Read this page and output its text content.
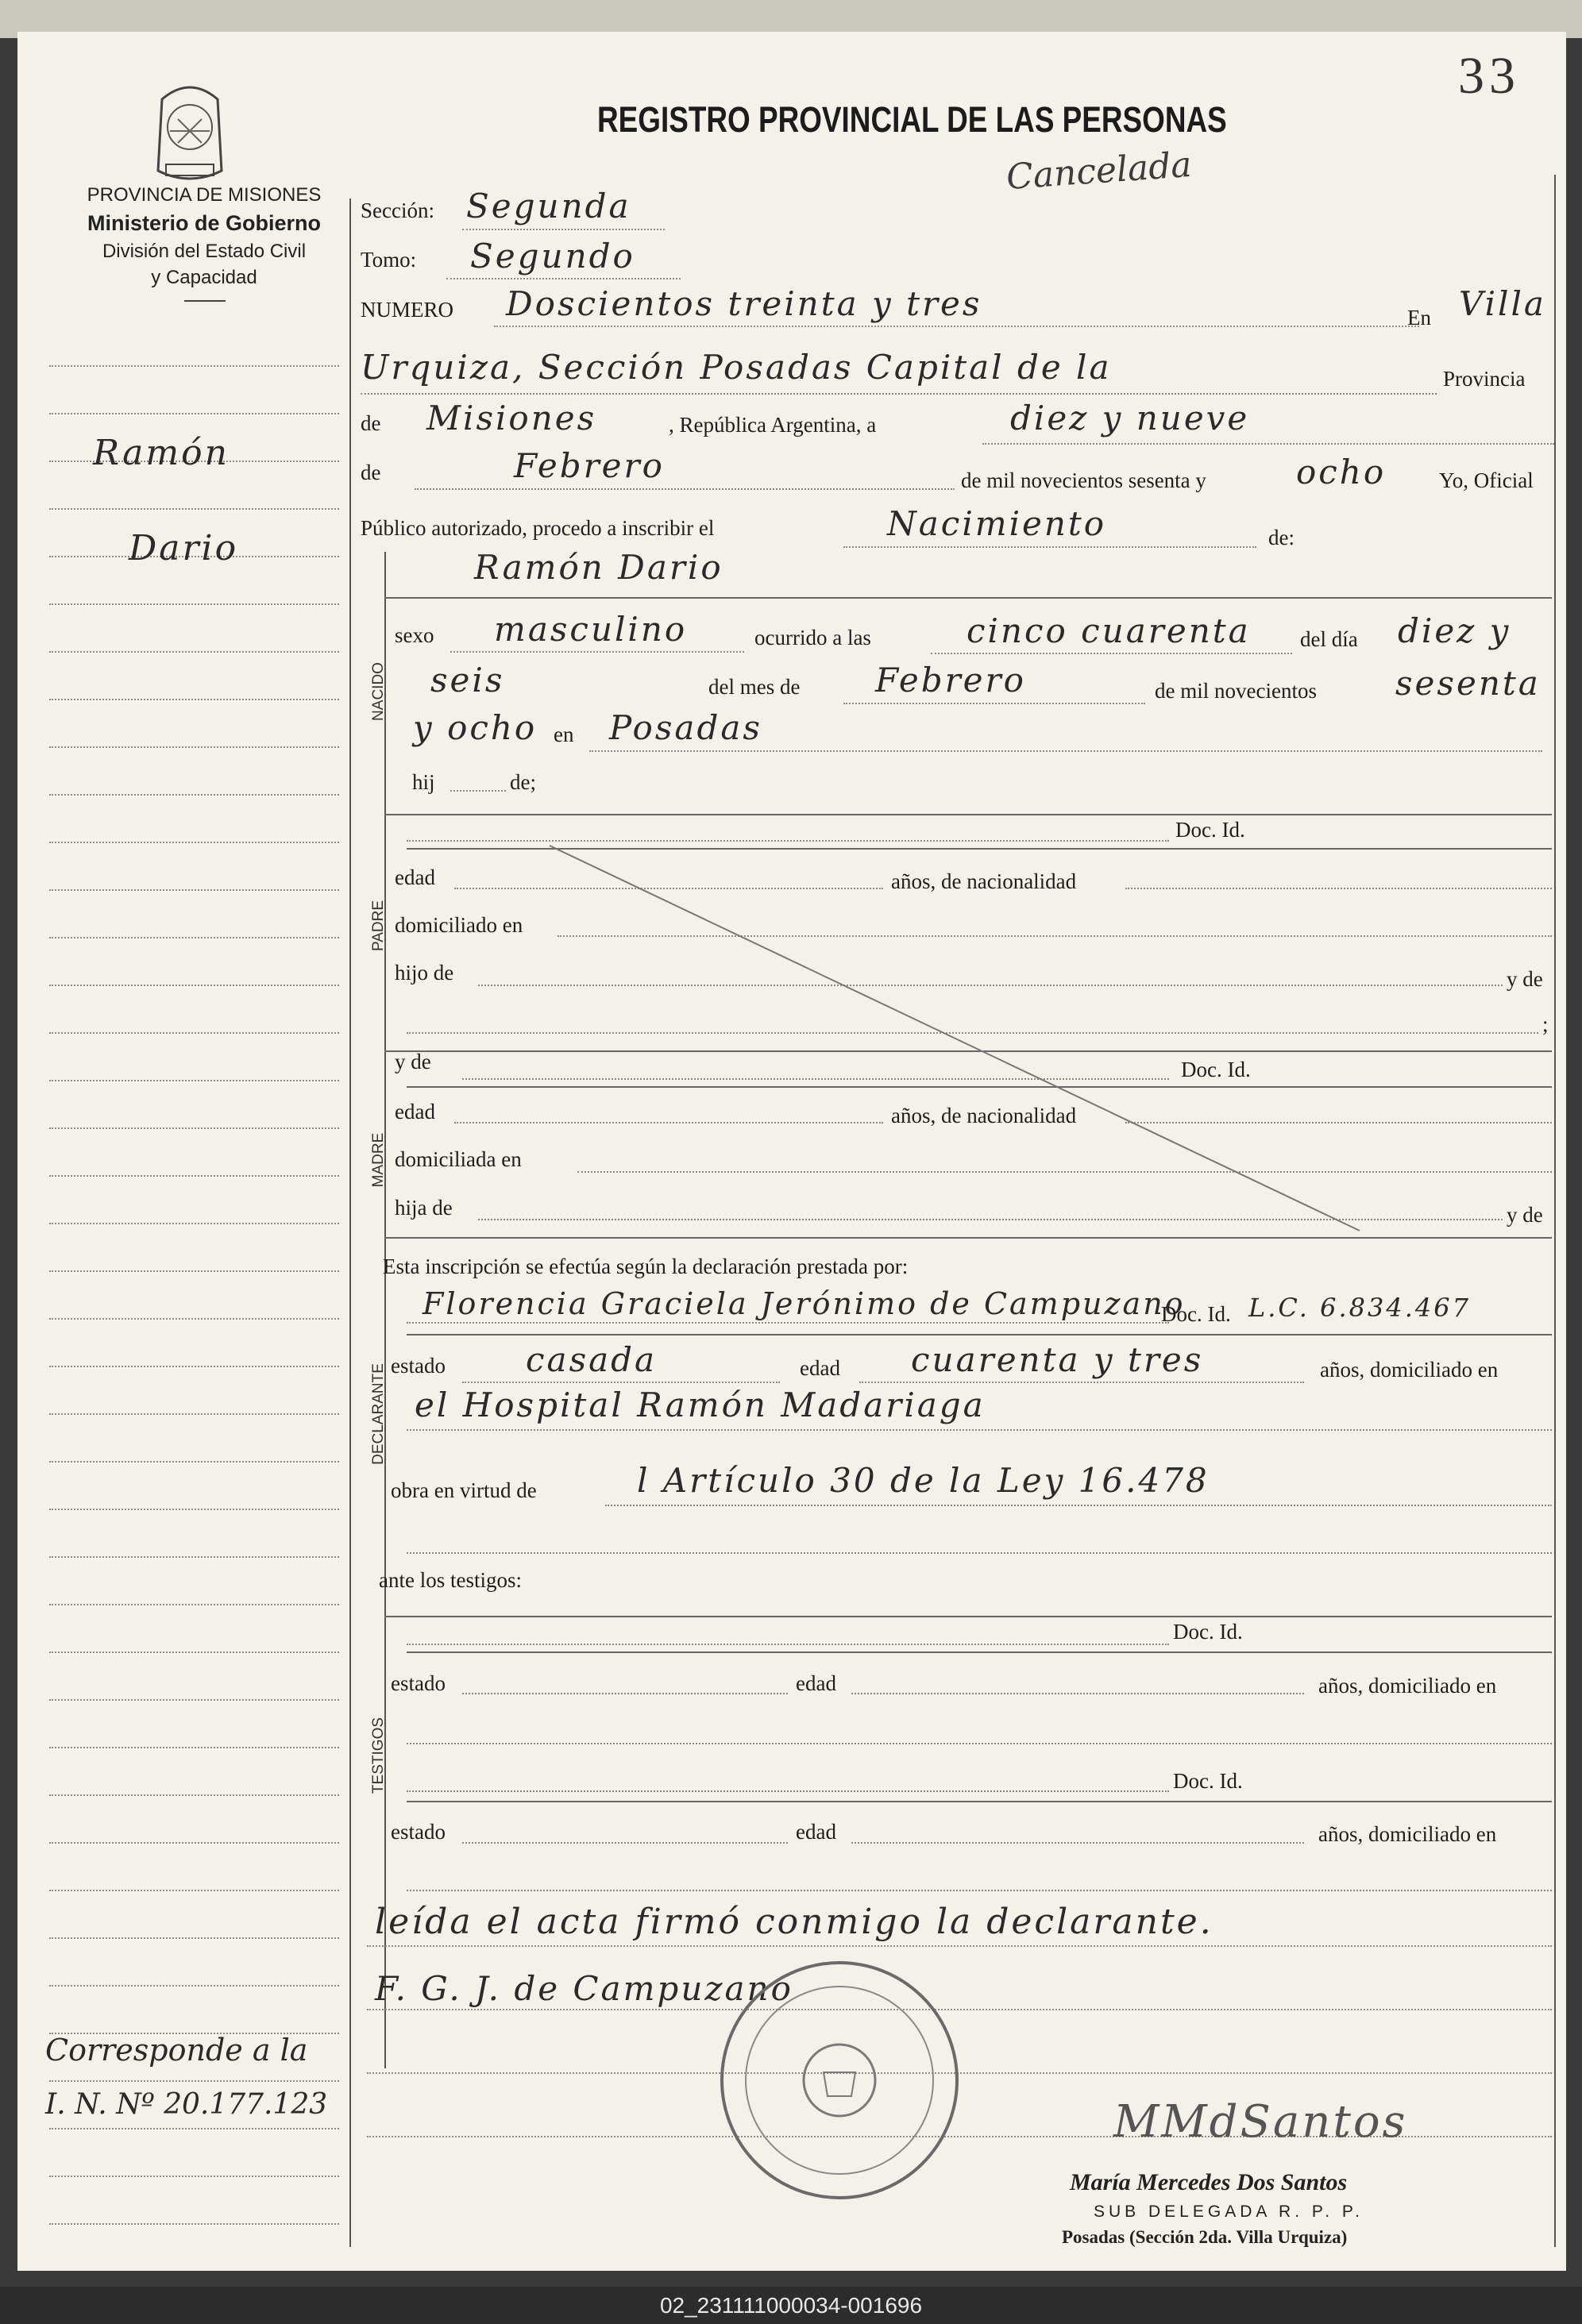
33
PROVINCIA DE MISIONES
Ministerio de Gobierno
División del Estado Civil
y Capacidad
REGISTRO PROVINCIAL DE LAS PERSONAS
Cancelada
Ramón
Dario
Corresponde a la
I. N. Nº 20.177.123
Sección: Segunda
Tomo: Segundo
NUMERO Doscientos treinta y tres	En Villa
Urquiza, Sección Posadas Capital de la	Provincia
de Misiones	, República Argentina, a	diez y nueve
de	Febrero	de mil novecientos sesenta y	ocho Yo, Oficial
Público autorizado, procedo a inscribir el	Nacimiento	de:
Ramón Dario
NACIDO
sexo masculino	ocurrido a las	cinco cuarenta del día diez y
seis	del mes de Febrero	de mil novecientos sesenta
y ocho en Posadas
hij	de;
Doc. Id.
PADRE
edad	años, de nacionalidad
domiciliado en
hijo de	y de
;
y de	Doc. Id.
MADRE
edad	años, de nacionalidad
domiciliada en
hija de	y de
Esta inscripción se efectúa según la declaración prestada por:
Florencia Graciela Jerónimo de Campuzano
Doc. Id. L.C. 6.834.467
DECLARANTE estado casada	edad cuarenta y tres	años, domiciliado en
el Hospital Ramón Madariaga
obra en virtud de	l Artículo 30 de la Ley 16.478
ante los testigos:
Doc. Id.
estado	edad	años, domiciliado en
TESTIGOS	Doc. Id.
estado	edad	años, domiciliado en
leída el acta firmó conmigo la declarante.
F. G. J. de Campuzano
MMdSantos
María Mercedes Dos Santos
SUB DELEGADA R. P. P.
Posadas (Sección 2da. Villa Urquiza)
02_231111000034-001696
